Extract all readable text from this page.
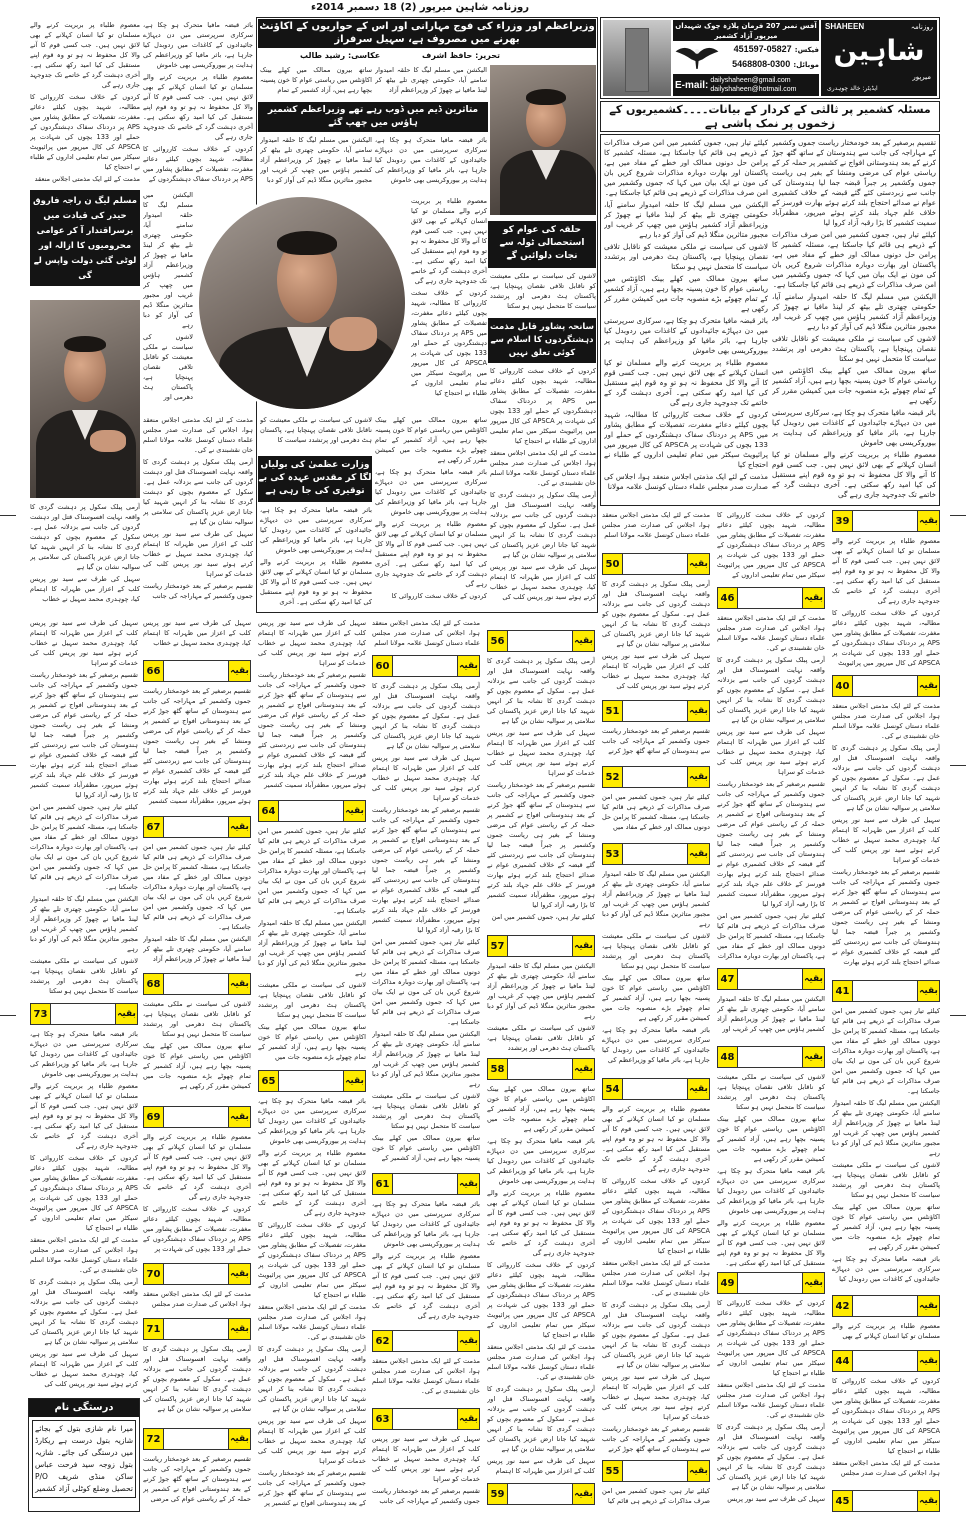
روزنامہ شاہین میرپور (2) 18 دسمبر 2014ء
آفس نمبر 207 فرمان پلازہ چوک شہیداں میرپور آزاد کشمیر
فیکس: 05827-451597
موبائل: 0300-5468808
E-mail: dailyshaheen@gmail.com
dailyshaheen@hotmail.com
SHAHEEN	روزنامہ
شاہین
میرپور
ایڈیٹر: خالد چوہدری
مسئلہ کشمیر پر ثالثی کے کردار کے بیانات۔۔۔۔کشمیریوں کے زخموں پر نمک پاشی ہے

تقسیم برصغیر کے بعد خودمختار ریاست جموں وکشمیر کے مہاراجہ کی جانب سے ہندوستان کے ساتھ گٹھ جوڑ کرنے کے بعد ہندوستانی افواج نے کشمیر پر حملہ کر کے ریاستی عوام کی مرضی ومنشا کے بغیر ہی ریاست جموں وکشمیر پر جبراً قبضہ جما لیا ہندوستان کی جانب سے زبردستی کئے گئے قبضہ کے خلاف کشمیری عوام نے صدائے احتجاج بلند کرتے ہوئے بھارت فورسز کے خلاف علم جہاد بلند کرتے ہوئے میرپور، مظفرآباد سمیت کشمیر کا بڑا رقبہ آزاد کروا لیا

کیلئے تیار ہیں، جموں کشمیر میں امن صرف مذاکرات کے ذریعے ہی قائم کیا جاسکتا ہے، مسئلہ کشمیر کا پرامن حل دونوں ممالک اور خطے کے مفاد میں ہے، پاکستان اور بھارت دوبارہ مذاکرات شروع کریں بان کی مون نے ایک بیان میں کہا کہ جموں وکشمیر میں امن صرف مذاکرات کے ذریعے ہی قائم کیا جاسکتا ہے۔

الیکشن میں مسلم لیگ کا حلقہ امیدوار سامنے آیا، حکومتی چھتری تلے بیٹھ کر لینڈ مافیا نے چھوڑ کر وزیراعظم آزاد کشمیر ہاؤس میں چھپ کر غریب اور مجبور متاثرین منگلا ڈیم کی آواز کو دبا رہے

لاشوں کی سیاست نے ملکی معیشت کو ناقابل تلافی نقصان پہنچایا ہے، پاکستان ہٹ دھرمی اور پرتشدد سیاست کا متحمل نہیں ہو سکتا

ساتھ بیرون ممالک میں کھلے بینک اکاؤنٹس میں ریاستی عوام کا خون پسینہ بچھا رہے ہیں، آزاد کشمیر کے تمام چھوٹے بڑے منصوبہ جات میں کمیشن مقرر کر رکھی ہے

باثر قبضہ مافیا متحرک ہو چکا ہے، سرکاری سرپرستی میں دن دیہاڑے جائیدادوں کے کاغذات میں ردوبدل کیا جارہا ہے، باثر مافیا کو وزیراعظم کی ہدایت پر بیوروکریسی بھی خاموش

معصوم طلباء پر بربریت کرنے والے مسلمان تو کیا انسان کہلانے کے بھی لائق نہیں ہیں۔ جب کسی قوم کا آنے والا کل محفوظ نہ ہو تو وہ قوم اپنے مستقبل کی کیا امید رکھ سکتی ہے۔ آخری دہشت گرد کے خاتمے تک جدوجہد جاری رہے گی

کیلئے تیار ہیں، جموں کشمیر میں امن صرف مذاکرات کے ذریعے ہی قائم کیا جاسکتا ہے، مسئلہ کشمیر کا پرامن حل دونوں ممالک اور خطے کے مفاد میں ہے، پاکستان اور بھارت دوبارہ مذاکرات شروع کریں بان کی مون نے ایک بیان میں کہا کہ جموں وکشمیر میں امن صرف مذاکرات کے ذریعے ہی قائم کیا جاسکتا ہے۔

الیکشن میں مسلم لیگ کا حلقہ امیدوار سامنے آیا، حکومتی چھتری تلے بیٹھ کر لینڈ مافیا نے چھوڑ کر وزیراعظم آزاد کشمیر ہاؤس میں چھپ کر غریب اور مجبور متاثرین منگلا ڈیم کی آواز کو دبا رہے

لاشوں کی سیاست نے ملکی معیشت کو ناقابل تلافی نقصان پہنچایا ہے، پاکستان ہٹ دھرمی اور پرتشدد سیاست کا متحمل نہیں ہو سکتا

ساتھ بیرون ممالک میں کھلے بینک اکاؤنٹس میں ریاستی عوام کا خون پسینہ بچھا رہے ہیں، آزاد کشمیر کے تمام چھوٹے بڑے منصوبہ جات میں کمیشن مقرر کر رکھی ہے

باثر قبضہ مافیا متحرک ہو چکا ہے، سرکاری سرپرستی میں دن دیہاڑے جائیدادوں کے کاغذات میں ردوبدل کیا جارہا ہے، باثر مافیا کو وزیراعظم کی ہدایت پر بیوروکریسی بھی خاموش

معصوم طلباء پر بربریت کرنے والے مسلمان تو کیا انسان کہلانے کے بھی لائق نہیں ہیں۔ جب کسی قوم کا آنے والا کل محفوظ نہ ہو تو وہ قوم اپنے مستقبل کی کیا امید رکھ سکتی ہے۔ آخری دہشت گرد کے خاتمے تک جدوجہد جاری رہے گی

کردوں کے خلاف سخت کارروائی کا مطالبہ، شہید بچوں کیلئے دعائے مغفرت، تفصیلات کے مطابق پشاور میں APS پر دردناک سفاک دہشتگردوں کے حملے اور 133 بچوں کی شہادت پر APSCA کی کال میرپور میں پرائیویٹ سیکٹر میں تمام تعلیمی اداروں کے طلباء نے احتجاج کیا

مذمت کے لئے ایک مذمتی اجلاس منعقد ہوا، اجلاس کی صدارت صدر مجلس علماء دستاں کونسل علامہ مولانا

وزیراعظم اور وزراء کی فوج مہارانی اور اس کے حواریوں کے اکاؤنٹ بھرنے میں مصروف ہے، سہیل سرفراز
تحریر: حافظ اشرف
عکاسی: رشید طالب

الیکشن میں مسلم لیگ کا حلقہ امیدوار سامنے آیا، حکومتی چھتری تلے بیٹھ کر لینڈ مافیا نے چھوڑ کر وزیراعظم آزاد

ساتھ بیرون ممالک میں کھلے بینک اکاؤنٹس میں ریاستی عوام کا خون پسینہ بچھا رہے ہیں، آزاد کشمیر کے تمام

متاثرین ڈیم میں ڈوب رہے تھے وزیراعظم کشمیر ہاؤس میں چھپ گئے

باثر قبضہ مافیا متحرک ہو چکا ہے، سرکاری سرپرستی میں دن دیہاڑے جائیدادوں کے کاغذات میں ردوبدل کیا جارہا ہے، باثر مافیا کو وزیراعظم کی ہدایت پر بیوروکریسی بھی خاموش

معصوم طلباء پر بربریت کرنے والے مسلمان تو کیا انسان کہلانے کے بھی لائق نہیں ہیں۔ جب کسی قوم کا آنے والا کل محفوظ نہ ہو تو وہ قوم اپنے مستقبل کی کیا امید رکھ سکتی ہے۔ آخری دہشت گرد کے خاتمے تک جدوجہد جاری رہے گی

کردوں کے خلاف سخت کارروائی کا مطالبہ، شہید بچوں کیلئے دعائے مغفرت، تفصیلات کے مطابق پشاور میں APS پر دردناک سفاک دہشتگردوں کے حملے اور 133 بچوں کی شہادت پر APSCA کی کال میرپور میں پرائیویٹ سیکٹر میں تمام تعلیمی اداروں کے طلباء نے احتجاج کیا

ساتھ بیرون ممالک میں کھلے بینک اکاؤنٹس میں ریاستی عوام کا خون پسینہ بچھا رہے ہیں، آزاد کشمیر کے تمام چھوٹے بڑے منصوبہ جات میں کمیشن مقرر کر رکھی ہے

باثر قبضہ مافیا متحرک ہو چکا ہے، سرکاری سرپرستی میں دن دیہاڑے جائیدادوں کے کاغذات میں ردوبدل کیا جارہا ہے، باثر مافیا کو وزیراعظم کی ہدایت پر بیوروکریسی بھی خاموش

معصوم طلباء پر بربریت کرنے والے مسلمان تو کیا انسان کہلانے کے بھی لائق نہیں ہیں۔ جب کسی قوم کا آنے والا کل محفوظ نہ ہو تو وہ قوم اپنے مستقبل کی کیا امید رکھ سکتی ہے۔ آخری دہشت گرد کے خاتمے تک جدوجہد جاری رہے گی

کردوں کے خلاف سخت کارروائی کا

الیکشن میں مسلم لیگ کا حلقہ امیدوار سامنے آیا، حکومتی چھتری تلے بیٹھ کر لینڈ مافیا نے چھوڑ کر وزیراعظم آزاد کشمیر ہاؤس میں چھپ کر غریب اور مجبور متاثرین منگلا ڈیم کی آواز کو دبا

لاشوں کی سیاست نے ملکی معیشت کو ناقابل تلافی نقصان پہنچایا ہے، پاکستان ہٹ دھرمی اور پرتشدد سیاست کا

وزارت عظمیٰ کی بولیاں لگا کر مقدس عہدہ کی بے توقیری کی جا رہی ہے

باثر قبضہ مافیا متحرک ہو چکا ہے، سرکاری سرپرستی میں دن دیہاڑے جائیدادوں کے کاغذات میں ردوبدل کیا جارہا ہے، باثر مافیا کو وزیراعظم کی ہدایت پر بیوروکریسی بھی خاموش

معصوم طلباء پر بربریت کرنے والے مسلمان تو کیا انسان کہلانے کے بھی لائق نہیں ہیں۔ جب کسی قوم کا آنے والا کل محفوظ نہ ہو تو وہ قوم اپنے مستقبل کی کیا امید رکھ سکتی ہے۔ آخری

حلقہ کی عوام کو استحصالی ٹولہ سے نجات دلوائیں گے

لاشوں کی سیاست نے ملکی معیشت کو ناقابل تلافی نقصان پہنچایا ہے، پاکستان ہٹ دھرمی اور پرتشدد سیاست کا متحمل نہیں ہو سکتا

سانحہ پشاور قابل مذمت دہشتگردوں کا اسلام سے کوئی تعلق نہیں

کردوں کے خلاف سخت کارروائی کا مطالبہ، شہید بچوں کیلئے دعائے مغفرت، تفصیلات کے مطابق پشاور میں APS پر دردناک سفاک دہشتگردوں کے حملے اور 133 بچوں کی شہادت پر APSCA کی کال میرپور میں پرائیویٹ سیکٹر میں تمام تعلیمی اداروں کے طلباء نے احتجاج کیا

مذمت کے لئے ایک مذمتی اجلاس منعقد ہوا، اجلاس کی صدارت صدر مجلس علماء دستاں کونسل علامہ مولانا اسلم خان نقشبندی نے کی۔

آرمی پبلک سکول پر دہشت گردی کا واقعہ نہایت افسوسناک قتل اور دہشت گردوں کی جانب سے بزدلانہ عمل ہے۔ سکول کے معصوم بچوں کو دہشت گردی کا نشانہ بنا کر انہیں شہید کیا جانا ارض عزیز پاکستان کی سلامتی پر سوالیہ نشان بن گیا ہے

سہیل کی طرف سے سید نور پریس کلب کے اعزاز میں ظہرانہ کا اہتمام کیا، چوہدری محمد سہیل نے خطاب کرتے ہوئے سید نور پریس کلب کی

باثر قبضہ مافیا متحرک ہو چکا ہے، سرکاری سرپرستی میں دن دیہاڑے جائیدادوں کے کاغذات میں ردوبدل کیا جارہا ہے، باثر مافیا کو وزیراعظم کی ہدایت پر بیوروکریسی بھی خاموش

معصوم طلباء پر بربریت کرنے والے مسلمان تو کیا انسان کہلانے کے بھی لائق نہیں ہیں۔ جب کسی قوم کا آنے والا کل محفوظ نہ ہو تو وہ قوم اپنے مستقبل کی کیا امید رکھ سکتی ہے۔ آخری دہشت گرد کے خاتمے تک جدوجہد جاری رہے گی

کردوں کے خلاف سخت کارروائی کا مطالبہ، شہید بچوں کیلئے دعائے مغفرت، تفصیلات کے مطابق پشاور میں APS پر دردناک سفاک دہشتگردوں کے

معصوم طلباء پر بربریت کرنے والے مسلمان تو کیا انسان کہلانے کے بھی لائق نہیں ہیں۔ جب کسی قوم کا آنے والا کل محفوظ نہ ہو تو وہ قوم اپنے مستقبل کی کیا امید رکھ سکتی ہے۔ آخری دہشت گرد کے خاتمے تک جدوجہد جاری رہے گی

کردوں کے خلاف سخت کارروائی کا مطالبہ، شہید بچوں کیلئے دعائے مغفرت، تفصیلات کے مطابق پشاور میں APS پر دردناک سفاک دہشتگردوں کے حملے اور 133 بچوں کی شہادت پر APSCA کی کال میرپور میں پرائیویٹ سیکٹر میں تمام تعلیمی اداروں کے طلباء نے احتجاج کیا

مذمت کے لئے ایک مذمتی اجلاس منعقد

مسلم لیگ ن راجہ فاروق حیدر کی قیادت میں برسراقتدار آ کر عوامی محرومیوں کا ازالہ اور لوٹی گئی دولت واپس لے گی

الیکشن میں مسلم لیگ کا حلقہ امیدوار سامنے آیا، حکومتی چھتری تلے بیٹھ کر لینڈ مافیا نے چھوڑ کر وزیراعظم آزاد کشمیر ہاؤس میں چھپ کر غریب اور مجبور متاثرین منگلا ڈیم کی آواز کو دبا رہے

لاشوں کی سیاست نے ملکی معیشت کو ناقابل تلافی نقصان پہنچایا ہے، پاکستان ہٹ دھرمی اور

مذمت کے لئے ایک مذمتی اجلاس منعقد ہوا، اجلاس کی صدارت صدر مجلس علماء دستاں کونسل علامہ مولانا اسلم خان نقشبندی نے کی۔

آرمی پبلک سکول پر دہشت گردی کا واقعہ نہایت افسوسناک قتل اور دہشت گردوں کی جانب سے بزدلانہ عمل ہے۔ سکول کے معصوم بچوں کو دہشت گردی کا نشانہ بنا کر انہیں شہید کیا جانا ارض عزیز پاکستان کی سلامتی پر سوالیہ نشان بن گیا ہے

سہیل کی طرف سے سید نور پریس کلب کے اعزاز میں ظہرانہ کا اہتمام کیا، چوہدری محمد سہیل نے خطاب کرتے ہوئے سید نور پریس کلب کی خدمات کو سراہا

تقسیم برصغیر کے بعد خودمختار ریاست جموں وکشمیر کے مہاراجہ کی جانب

آرمی پبلک سکول پر دہشت گردی کا واقعہ نہایت افسوسناک قتل اور دہشت گردوں کی جانب سے بزدلانہ عمل ہے۔ سکول کے معصوم بچوں کو دہشت گردی کا نشانہ بنا کر انہیں شہید کیا جانا ارض عزیز پاکستان کی سلامتی پر سوالیہ نشان بن گیا ہے

سہیل کی طرف سے سید نور پریس کلب کے اعزاز میں ظہرانہ کا اہتمام کیا، چوہدری محمد سہیل نے خطاب

39	بقیہ

معصوم طلباء پر بربریت کرنے والے مسلمان تو کیا انسان کہلانے کے بھی لائق نہیں ہیں۔ جب کسی قوم کا آنے والا کل محفوظ نہ ہو تو وہ قوم اپنے مستقبل کی کیا امید رکھ سکتی ہے۔ آخری دہشت گرد کے خاتمے تک جدوجہد جاری رہے گی

کردوں کے خلاف سخت کارروائی کا مطالبہ، شہید بچوں کیلئے دعائے مغفرت، تفصیلات کے مطابق پشاور میں APS پر دردناک سفاک دہشتگردوں کے حملے اور 133 بچوں کی شہادت پر APSCA کی کال میرپور میں پرائیویٹ

40	بقیہ

مذمت کے لئے ایک مذمتی اجلاس منعقد ہوا، اجلاس کی صدارت صدر مجلس علماء دستاں کونسل علامہ مولانا اسلم خان نقشبندی نے کی۔

آرمی پبلک سکول پر دہشت گردی کا واقعہ نہایت افسوسناک قتل اور دہشت گردوں کی جانب سے بزدلانہ عمل ہے۔ سکول کے معصوم بچوں کو دہشت گردی کا نشانہ بنا کر انہیں شہید کیا جانا ارض عزیز پاکستان کی سلامتی پر سوالیہ نشان بن گیا ہے

سہیل کی طرف سے سید نور پریس کلب کے اعزاز میں ظہرانہ کا اہتمام کیا، چوہدری محمد سہیل نے خطاب کرتے ہوئے سید نور پریس کلب کی خدمات کو سراہا

تقسیم برصغیر کے بعد خودمختار ریاست جموں وکشمیر کے مہاراجہ کی جانب سے ہندوستان کے ساتھ گٹھ جوڑ کرنے کے بعد ہندوستانی افواج نے کشمیر پر حملہ کر کے ریاستی عوام کی مرضی ومنشا کے بغیر ہی ریاست جموں وکشمیر پر جبراً قبضہ جما لیا ہندوستان کی جانب سے زبردستی کئے گئے قبضہ کے خلاف کشمیری عوام نے صدائے احتجاج بلند کرتے ہوئے بھارت

41	بقیہ

کیلئے تیار ہیں، جموں کشمیر میں امن صرف مذاکرات کے ذریعے ہی قائم کیا جاسکتا ہے، مسئلہ کشمیر کا پرامن حل دونوں ممالک اور خطے کے مفاد میں ہے، پاکستان اور بھارت دوبارہ مذاکرات شروع کریں بان کی مون نے ایک بیان میں کہا کہ جموں وکشمیر میں امن صرف مذاکرات کے ذریعے ہی قائم کیا جاسکتا ہے۔

الیکشن میں مسلم لیگ کا حلقہ امیدوار سامنے آیا، حکومتی چھتری تلے بیٹھ کر لینڈ مافیا نے چھوڑ کر وزیراعظم آزاد کشمیر ہاؤس میں چھپ کر غریب اور مجبور متاثرین منگلا ڈیم کی آواز کو دبا رہے

لاشوں کی سیاست نے ملکی معیشت کو ناقابل تلافی نقصان پہنچایا ہے، پاکستان ہٹ دھرمی اور پرتشدد سیاست کا متحمل نہیں ہو سکتا

ساتھ بیرون ممالک میں کھلے بینک اکاؤنٹس میں ریاستی عوام کا خون پسینہ بچھا رہے ہیں، آزاد کشمیر کے تمام چھوٹے بڑے منصوبہ جات میں کمیشن مقرر کر رکھی ہے

باثر قبضہ مافیا متحرک ہو چکا ہے، سرکاری سرپرستی میں دن دیہاڑے جائیدادوں کے کاغذات میں ردوبدل کیا

42	بقیہ

معصوم طلباء پر بربریت کرنے والے مسلمان تو کیا انسان کہلانے کے بھی

44	بقیہ

کردوں کے خلاف سخت کارروائی کا مطالبہ، شہید بچوں کیلئے دعائے مغفرت، تفصیلات کے مطابق پشاور میں APS پر دردناک سفاک دہشتگردوں کے حملے اور 133 بچوں کی شہادت پر APSCA کی کال میرپور میں پرائیویٹ سیکٹر میں تمام تعلیمی اداروں کے طلباء نے احتجاج کیا

مذمت کے لئے ایک مذمتی اجلاس منعقد ہوا، اجلاس کی صدارت صدر مجلس

45	بقیہ

کردوں کے خلاف سخت کارروائی کا مطالبہ، شہید بچوں کیلئے دعائے مغفرت، تفصیلات کے مطابق پشاور میں APS پر دردناک سفاک دہشتگردوں کے حملے اور 133 بچوں کی شہادت پر APSCA کی کال میرپور میں پرائیویٹ سیکٹر میں تمام تعلیمی اداروں کے

46	بقیہ

مذمت کے لئے ایک مذمتی اجلاس منعقد ہوا، اجلاس کی صدارت صدر مجلس علماء دستاں کونسل علامہ مولانا اسلم خان نقشبندی نے کی۔

آرمی پبلک سکول پر دہشت گردی کا واقعہ نہایت افسوسناک قتل اور دہشت گردوں کی جانب سے بزدلانہ عمل ہے۔ سکول کے معصوم بچوں کو دہشت گردی کا نشانہ بنا کر انہیں شہید کیا جانا ارض عزیز پاکستان کی سلامتی پر سوالیہ نشان بن گیا ہے

سہیل کی طرف سے سید نور پریس کلب کے اعزاز میں ظہرانہ کا اہتمام کیا، چوہدری محمد سہیل نے خطاب کرتے ہوئے سید نور پریس کلب کی خدمات کو سراہا

تقسیم برصغیر کے بعد خودمختار ریاست جموں وکشمیر کے مہاراجہ کی جانب سے ہندوستان کے ساتھ گٹھ جوڑ کرنے کے بعد ہندوستانی افواج نے کشمیر پر حملہ کر کے ریاستی عوام کی مرضی ومنشا کے بغیر ہی ریاست جموں وکشمیر پر جبراً قبضہ جما لیا ہندوستان کی جانب سے زبردستی کئے گئے قبضہ کے خلاف کشمیری عوام نے صدائے احتجاج بلند کرتے ہوئے بھارت فورسز کے خلاف علم جہاد بلند کرتے ہوئے میرپور، مظفرآباد سمیت کشمیر کا بڑا رقبہ آزاد کروا لیا

کیلئے تیار ہیں، جموں کشمیر میں امن صرف مذاکرات کے ذریعے ہی قائم کیا جاسکتا ہے، مسئلہ کشمیر کا پرامن حل دونوں ممالک اور خطے کے مفاد میں ہے، پاکستان اور بھارت دوبارہ مذاکرات

47	بقیہ

الیکشن میں مسلم لیگ کا حلقہ امیدوار سامنے آیا، حکومتی چھتری تلے بیٹھ کر لینڈ مافیا نے چھوڑ کر وزیراعظم آزاد کشمیر ہاؤس میں چھپ کر غریب اور

48	بقیہ

لاشوں کی سیاست نے ملکی معیشت کو ناقابل تلافی نقصان پہنچایا ہے، پاکستان ہٹ دھرمی اور پرتشدد سیاست کا متحمل نہیں ہو سکتا

ساتھ بیرون ممالک میں کھلے بینک اکاؤنٹس میں ریاستی عوام کا خون پسینہ بچھا رہے ہیں، آزاد کشمیر کے تمام چھوٹے بڑے منصوبہ جات میں کمیشن مقرر کر رکھی ہے

باثر قبضہ مافیا متحرک ہو چکا ہے، سرکاری سرپرستی میں دن دیہاڑے جائیدادوں کے کاغذات میں ردوبدل کیا جارہا ہے، باثر مافیا کو وزیراعظم کی ہدایت پر بیوروکریسی بھی خاموش

معصوم طلباء پر بربریت کرنے والے مسلمان تو کیا انسان کہلانے کے بھی لائق نہیں ہیں۔ جب کسی قوم کا آنے والا کل محفوظ نہ ہو تو وہ قوم اپنے مستقبل کی کیا امید رکھ سکتی ہے۔

49	بقیہ

کردوں کے خلاف سخت کارروائی کا مطالبہ، شہید بچوں کیلئے دعائے مغفرت، تفصیلات کے مطابق پشاور میں APS پر دردناک سفاک دہشتگردوں کے حملے اور 133 بچوں کی شہادت پر APSCA کی کال میرپور میں پرائیویٹ سیکٹر میں تمام تعلیمی اداروں کے طلباء نے احتجاج کیا

مذمت کے لئے ایک مذمتی اجلاس منعقد ہوا، اجلاس کی صدارت صدر مجلس علماء دستاں کونسل علامہ مولانا اسلم خان نقشبندی نے کی۔

آرمی پبلک سکول پر دہشت گردی کا واقعہ نہایت افسوسناک قتل اور دہشت گردوں کی جانب سے بزدلانہ عمل ہے۔ سکول کے معصوم بچوں کو دہشت گردی کا نشانہ بنا کر انہیں شہید کیا جانا ارض عزیز پاکستان کی سلامتی پر سوالیہ نشان بن گیا ہے

سہیل کی طرف سے سید نور پریس

مذمت کے لئے ایک مذمتی اجلاس منعقد ہوا، اجلاس کی صدارت صدر مجلس علماء دستاں کونسل علامہ مولانا اسلم

50	بقیہ

آرمی پبلک سکول پر دہشت گردی کا واقعہ نہایت افسوسناک قتل اور دہشت گردوں کی جانب سے بزدلانہ عمل ہے۔ سکول کے معصوم بچوں کو دہشت گردی کا نشانہ بنا کر انہیں شہید کیا جانا ارض عزیز پاکستان کی سلامتی پر سوالیہ نشان بن گیا ہے

سہیل کی طرف سے سید نور پریس کلب کے اعزاز میں ظہرانہ کا اہتمام کیا، چوہدری محمد سہیل نے خطاب کرتے ہوئے سید نور پریس کلب کی

51	بقیہ

تقسیم برصغیر کے بعد خودمختار ریاست جموں وکشمیر کے مہاراجہ کی جانب سے ہندوستان کے ساتھ گٹھ جوڑ کرنے

52	بقیہ

کیلئے تیار ہیں، جموں کشمیر میں امن صرف مذاکرات کے ذریعے ہی قائم کیا جاسکتا ہے، مسئلہ کشمیر کا پرامن حل دونوں ممالک اور خطے کے مفاد میں

53	بقیہ

الیکشن میں مسلم لیگ کا حلقہ امیدوار سامنے آیا، حکومتی چھتری تلے بیٹھ کر لینڈ مافیا نے چھوڑ کر وزیراعظم آزاد کشمیر ہاؤس میں چھپ کر غریب اور مجبور متاثرین منگلا ڈیم کی آواز کو دبا رہے

لاشوں کی سیاست نے ملکی معیشت کو ناقابل تلافی نقصان پہنچایا ہے، پاکستان ہٹ دھرمی اور پرتشدد سیاست کا متحمل نہیں ہو سکتا

ساتھ بیرون ممالک میں کھلے بینک اکاؤنٹس میں ریاستی عوام کا خون پسینہ بچھا رہے ہیں، آزاد کشمیر کے تمام چھوٹے بڑے منصوبہ جات میں کمیشن مقرر کر رکھی ہے

باثر قبضہ مافیا متحرک ہو چکا ہے، سرکاری سرپرستی میں دن دیہاڑے جائیدادوں کے کاغذات میں ردوبدل کیا جارہا ہے، باثر مافیا کو وزیراعظم کی

54	بقیہ

معصوم طلباء پر بربریت کرنے والے مسلمان تو کیا انسان کہلانے کے بھی لائق نہیں ہیں۔ جب کسی قوم کا آنے والا کل محفوظ نہ ہو تو وہ قوم اپنے مستقبل کی کیا امید رکھ سکتی ہے۔ آخری دہشت گرد کے خاتمے تک جدوجہد جاری رہے گی

کردوں کے خلاف سخت کارروائی کا مطالبہ، شہید بچوں کیلئے دعائے مغفرت، تفصیلات کے مطابق پشاور میں APS پر دردناک سفاک دہشتگردوں کے حملے اور 133 بچوں کی شہادت پر APSCA کی کال میرپور میں پرائیویٹ سیکٹر میں تمام تعلیمی اداروں کے طلباء نے احتجاج کیا

مذمت کے لئے ایک مذمتی اجلاس منعقد ہوا، اجلاس کی صدارت صدر مجلس علماء دستاں کونسل علامہ مولانا اسلم خان نقشبندی نے کی۔

آرمی پبلک سکول پر دہشت گردی کا واقعہ نہایت افسوسناک قتل اور دہشت گردوں کی جانب سے بزدلانہ عمل ہے۔ سکول کے معصوم بچوں کو دہشت گردی کا نشانہ بنا کر انہیں شہید کیا جانا ارض عزیز پاکستان کی سلامتی پر سوالیہ نشان بن گیا ہے

سہیل کی طرف سے سید نور پریس کلب کے اعزاز میں ظہرانہ کا اہتمام کیا، چوہدری محمد سہیل نے خطاب کرتے ہوئے سید نور پریس کلب کی خدمات کو سراہا

تقسیم برصغیر کے بعد خودمختار ریاست جموں وکشمیر کے مہاراجہ کی جانب سے ہندوستان کے ساتھ گٹھ جوڑ کرنے

55	بقیہ

کیلئے تیار ہیں، جموں کشمیر میں امن صرف مذاکرات کے ذریعے ہی قائم کیا

56	بقیہ

آرمی پبلک سکول پر دہشت گردی کا واقعہ نہایت افسوسناک قتل اور دہشت گردوں کی جانب سے بزدلانہ عمل ہے۔ سکول کے معصوم بچوں کو دہشت گردی کا نشانہ بنا کر انہیں شہید کیا جانا ارض عزیز پاکستان کی سلامتی پر سوالیہ نشان بن گیا ہے

سہیل کی طرف سے سید نور پریس کلب کے اعزاز میں ظہرانہ کا اہتمام کیا، چوہدری محمد سہیل نے خطاب کرتے ہوئے سید نور پریس کلب کی خدمات کو سراہا

تقسیم برصغیر کے بعد خودمختار ریاست جموں وکشمیر کے مہاراجہ کی جانب سے ہندوستان کے ساتھ گٹھ جوڑ کرنے کے بعد ہندوستانی افواج نے کشمیر پر حملہ کر کے ریاستی عوام کی مرضی ومنشا کے بغیر ہی ریاست جموں وکشمیر پر جبراً قبضہ جما لیا ہندوستان کی جانب سے زبردستی کئے گئے قبضہ کے خلاف کشمیری عوام نے صدائے احتجاج بلند کرتے ہوئے بھارت فورسز کے خلاف علم جہاد بلند کرتے ہوئے میرپور، مظفرآباد سمیت کشمیر کا بڑا رقبہ آزاد کروا لیا

کیلئے تیار ہیں، جموں کشمیر میں امن

57	بقیہ

الیکشن میں مسلم لیگ کا حلقہ امیدوار سامنے آیا، حکومتی چھتری تلے بیٹھ کر لینڈ مافیا نے چھوڑ کر وزیراعظم آزاد کشمیر ہاؤس میں چھپ کر غریب اور مجبور متاثرین منگلا ڈیم کی آواز کو دبا رہے

لاشوں کی سیاست نے ملکی معیشت کو ناقابل تلافی نقصان پہنچایا ہے، پاکستان ہٹ دھرمی اور پرتشدد

58	بقیہ

ساتھ بیرون ممالک میں کھلے بینک اکاؤنٹس میں ریاستی عوام کا خون پسینہ بچھا رہے ہیں، آزاد کشمیر کے تمام چھوٹے بڑے منصوبہ جات میں کمیشن مقرر کر رکھی ہے

باثر قبضہ مافیا متحرک ہو چکا ہے، سرکاری سرپرستی میں دن دیہاڑے جائیدادوں کے کاغذات میں ردوبدل کیا جارہا ہے، باثر مافیا کو وزیراعظم کی ہدایت پر بیوروکریسی بھی خاموش

معصوم طلباء پر بربریت کرنے والے مسلمان تو کیا انسان کہلانے کے بھی لائق نہیں ہیں۔ جب کسی قوم کا آنے والا کل محفوظ نہ ہو تو وہ قوم اپنے مستقبل کی کیا امید رکھ سکتی ہے۔ آخری دہشت گرد کے خاتمے تک جدوجہد جاری رہے گی

کردوں کے خلاف سخت کارروائی کا مطالبہ، شہید بچوں کیلئے دعائے مغفرت، تفصیلات کے مطابق پشاور میں APS پر دردناک سفاک دہشتگردوں کے حملے اور 133 بچوں کی شہادت پر APSCA کی کال میرپور میں پرائیویٹ سیکٹر میں تمام تعلیمی اداروں کے طلباء نے احتجاج کیا

مذمت کے لئے ایک مذمتی اجلاس منعقد ہوا، اجلاس کی صدارت صدر مجلس علماء دستاں کونسل علامہ مولانا اسلم خان نقشبندی نے کی۔

آرمی پبلک سکول پر دہشت گردی کا واقعہ نہایت افسوسناک قتل اور دہشت گردوں کی جانب سے بزدلانہ عمل ہے۔ سکول کے معصوم بچوں کو دہشت گردی کا نشانہ بنا کر انہیں شہید کیا جانا ارض عزیز پاکستان کی سلامتی پر سوالیہ نشان بن گیا ہے

سہیل کی طرف سے سید نور پریس کلب کے اعزاز میں ظہرانہ کا اہتمام

59	بقیہ

مذمت کے لئے ایک مذمتی اجلاس منعقد ہوا، اجلاس کی صدارت صدر مجلس علماء دستاں کونسل علامہ مولانا اسلم

60	بقیہ

آرمی پبلک سکول پر دہشت گردی کا واقعہ نہایت افسوسناک قتل اور دہشت گردوں کی جانب سے بزدلانہ عمل ہے۔ سکول کے معصوم بچوں کو دہشت گردی کا نشانہ بنا کر انہیں شہید کیا جانا ارض عزیز پاکستان کی سلامتی پر سوالیہ نشان بن گیا ہے

سہیل کی طرف سے سید نور پریس کلب کے اعزاز میں ظہرانہ کا اہتمام کیا، چوہدری محمد سہیل نے خطاب کرتے ہوئے سید نور پریس کلب کی خدمات کو سراہا

تقسیم برصغیر کے بعد خودمختار ریاست جموں وکشمیر کے مہاراجہ کی جانب سے ہندوستان کے ساتھ گٹھ جوڑ کرنے کے بعد ہندوستانی افواج نے کشمیر پر حملہ کر کے ریاستی عوام کی مرضی ومنشا کے بغیر ہی ریاست جموں وکشمیر پر جبراً قبضہ جما لیا ہندوستان کی جانب سے زبردستی کئے گئے قبضہ کے خلاف کشمیری عوام نے صدائے احتجاج بلند کرتے ہوئے بھارت فورسز کے خلاف علم جہاد بلند کرتے ہوئے میرپور، مظفرآباد سمیت کشمیر کا بڑا رقبہ آزاد کروا لیا

کیلئے تیار ہیں، جموں کشمیر میں امن صرف مذاکرات کے ذریعے ہی قائم کیا جاسکتا ہے، مسئلہ کشمیر کا پرامن حل دونوں ممالک اور خطے کے مفاد میں ہے، پاکستان اور بھارت دوبارہ مذاکرات شروع کریں بان کی مون نے ایک بیان میں کہا کہ جموں وکشمیر میں امن صرف مذاکرات کے ذریعے ہی قائم کیا جاسکتا ہے۔

الیکشن میں مسلم لیگ کا حلقہ امیدوار سامنے آیا، حکومتی چھتری تلے بیٹھ کر لینڈ مافیا نے چھوڑ کر وزیراعظم آزاد کشمیر ہاؤس میں چھپ کر غریب اور مجبور متاثرین منگلا ڈیم کی آواز کو دبا رہے

لاشوں کی سیاست نے ملکی معیشت کو ناقابل تلافی نقصان پہنچایا ہے، پاکستان ہٹ دھرمی اور پرتشدد سیاست کا متحمل نہیں ہو سکتا

ساتھ بیرون ممالک میں کھلے بینک اکاؤنٹس میں ریاستی عوام کا خون پسینہ بچھا رہے ہیں، آزاد کشمیر کے

61	بقیہ

باثر قبضہ مافیا متحرک ہو چکا ہے، سرکاری سرپرستی میں دن دیہاڑے جائیدادوں کے کاغذات میں ردوبدل کیا جارہا ہے، باثر مافیا کو وزیراعظم کی ہدایت پر بیوروکریسی بھی خاموش

معصوم طلباء پر بربریت کرنے والے مسلمان تو کیا انسان کہلانے کے بھی لائق نہیں ہیں۔ جب کسی قوم کا آنے والا کل محفوظ نہ ہو تو وہ قوم اپنے مستقبل کی کیا امید رکھ سکتی ہے۔ آخری دہشت گرد کے خاتمے تک جدوجہد جاری رہے گی

62	بقیہ

مذمت کے لئے ایک مذمتی اجلاس منعقد ہوا، اجلاس کی صدارت صدر مجلس علماء دستاں کونسل علامہ مولانا اسلم خان نقشبندی نے کی۔

63	بقیہ

سہیل کی طرف سے سید نور پریس کلب کے اعزاز میں ظہرانہ کا اہتمام کیا، چوہدری محمد سہیل نے خطاب کرتے ہوئے سید نور پریس کلب کی خدمات کو سراہا

تقسیم برصغیر کے بعد خودمختار ریاست جموں وکشمیر کے مہاراجہ کی جانب

سہیل کی طرف سے سید نور پریس کلب کے اعزاز میں ظہرانہ کا اہتمام کیا، چوہدری محمد سہیل نے خطاب کرتے ہوئے سید نور پریس کلب کی خدمات کو سراہا

تقسیم برصغیر کے بعد خودمختار ریاست جموں وکشمیر کے مہاراجہ کی جانب سے ہندوستان کے ساتھ گٹھ جوڑ کرنے کے بعد ہندوستانی افواج نے کشمیر پر حملہ کر کے ریاستی عوام کی مرضی ومنشا کے بغیر ہی ریاست جموں وکشمیر پر جبراً قبضہ جما لیا ہندوستان کی جانب سے زبردستی کئے گئے قبضہ کے خلاف کشمیری عوام نے صدائے احتجاج بلند کرتے ہوئے بھارت فورسز کے خلاف علم جہاد بلند کرتے ہوئے میرپور، مظفرآباد سمیت کشمیر

64	بقیہ

کیلئے تیار ہیں، جموں کشمیر میں امن صرف مذاکرات کے ذریعے ہی قائم کیا جاسکتا ہے، مسئلہ کشمیر کا پرامن حل دونوں ممالک اور خطے کے مفاد میں ہے، پاکستان اور بھارت دوبارہ مذاکرات شروع کریں بان کی مون نے ایک بیان میں کہا کہ جموں وکشمیر میں امن صرف مذاکرات کے ذریعے ہی قائم کیا جاسکتا ہے۔

الیکشن میں مسلم لیگ کا حلقہ امیدوار سامنے آیا، حکومتی چھتری تلے بیٹھ کر لینڈ مافیا نے چھوڑ کر وزیراعظم آزاد کشمیر ہاؤس میں چھپ کر غریب اور مجبور متاثرین منگلا ڈیم کی آواز کو دبا رہے

لاشوں کی سیاست نے ملکی معیشت کو ناقابل تلافی نقصان پہنچایا ہے، پاکستان ہٹ دھرمی اور پرتشدد سیاست کا متحمل نہیں ہو سکتا

ساتھ بیرون ممالک میں کھلے بینک اکاؤنٹس میں ریاستی عوام کا خون پسینہ بچھا رہے ہیں، آزاد کشمیر کے تمام چھوٹے بڑے منصوبہ جات میں

65	بقیہ

باثر قبضہ مافیا متحرک ہو چکا ہے، سرکاری سرپرستی میں دن دیہاڑے جائیدادوں کے کاغذات میں ردوبدل کیا جارہا ہے، باثر مافیا کو وزیراعظم کی ہدایت پر بیوروکریسی بھی خاموش

معصوم طلباء پر بربریت کرنے والے مسلمان تو کیا انسان کہلانے کے بھی لائق نہیں ہیں۔ جب کسی قوم کا آنے والا کل محفوظ نہ ہو تو وہ قوم اپنے مستقبل کی کیا امید رکھ سکتی ہے۔ آخری دہشت گرد کے خاتمے تک جدوجہد جاری رہے گی

کردوں کے خلاف سخت کارروائی کا مطالبہ، شہید بچوں کیلئے دعائے مغفرت، تفصیلات کے مطابق پشاور میں APS پر دردناک سفاک دہشتگردوں کے حملے اور 133 بچوں کی شہادت پر APSCA کی کال میرپور میں پرائیویٹ سیکٹر میں تمام تعلیمی اداروں کے طلباء نے احتجاج کیا

مذمت کے لئے ایک مذمتی اجلاس منعقد ہوا، اجلاس کی صدارت صدر مجلس علماء دستاں کونسل علامہ مولانا اسلم خان نقشبندی نے کی۔

آرمی پبلک سکول پر دہشت گردی کا واقعہ نہایت افسوسناک قتل اور دہشت گردوں کی جانب سے بزدلانہ عمل ہے۔ سکول کے معصوم بچوں کو دہشت گردی کا نشانہ بنا کر انہیں شہید کیا جانا ارض عزیز پاکستان کی سلامتی پر سوالیہ نشان بن گیا ہے

سہیل کی طرف سے سید نور پریس کلب کے اعزاز میں ظہرانہ کا اہتمام کیا، چوہدری محمد سہیل نے خطاب کرتے ہوئے سید نور پریس کلب کی خدمات کو سراہا

تقسیم برصغیر کے بعد خودمختار ریاست جموں وکشمیر کے مہاراجہ کی جانب سے ہندوستان کے ساتھ گٹھ جوڑ کرنے کے بعد ہندوستانی افواج نے کشمیر پر

سہیل کی طرف سے سید نور پریس کلب کے اعزاز میں ظہرانہ کا اہتمام کیا، چوہدری محمد سہیل نے خطاب

66	بقیہ

تقسیم برصغیر کے بعد خودمختار ریاست جموں وکشمیر کے مہاراجہ کی جانب سے ہندوستان کے ساتھ گٹھ جوڑ کرنے کے بعد ہندوستانی افواج نے کشمیر پر حملہ کر کے ریاستی عوام کی مرضی ومنشا کے بغیر ہی ریاست جموں وکشمیر پر جبراً قبضہ جما لیا ہندوستان کی جانب سے زبردستی کئے گئے قبضہ کے خلاف کشمیری عوام نے صدائے احتجاج بلند کرتے ہوئے بھارت فورسز کے خلاف علم جہاد بلند کرتے ہوئے میرپور، مظفرآباد سمیت کشمیر

67	بقیہ

کیلئے تیار ہیں، جموں کشمیر میں امن صرف مذاکرات کے ذریعے ہی قائم کیا جاسکتا ہے، مسئلہ کشمیر کا پرامن حل دونوں ممالک اور خطے کے مفاد میں ہے، پاکستان اور بھارت دوبارہ مذاکرات شروع کریں بان کی مون نے ایک بیان میں کہا کہ جموں وکشمیر میں امن صرف مذاکرات کے ذریعے ہی قائم کیا جاسکتا ہے۔

الیکشن میں مسلم لیگ کا حلقہ امیدوار سامنے آیا، حکومتی چھتری تلے بیٹھ کر لینڈ مافیا نے چھوڑ کر وزیراعظم آزاد

68	بقیہ

لاشوں کی سیاست نے ملکی معیشت کو ناقابل تلافی نقصان پہنچایا ہے، پاکستان ہٹ دھرمی اور پرتشدد سیاست کا متحمل نہیں ہو سکتا

ساتھ بیرون ممالک میں کھلے بینک اکاؤنٹس میں ریاستی عوام کا خون پسینہ بچھا رہے ہیں، آزاد کشمیر کے تمام چھوٹے بڑے منصوبہ جات میں کمیشن مقرر کر رکھی ہے

69	بقیہ

معصوم طلباء پر بربریت کرنے والے مسلمان تو کیا انسان کہلانے کے بھی لائق نہیں ہیں۔ جب کسی قوم کا آنے والا کل محفوظ نہ ہو تو وہ قوم اپنے مستقبل کی کیا امید رکھ سکتی ہے۔ آخری دہشت گرد کے خاتمے تک جدوجہد جاری رہے گی

کردوں کے خلاف سخت کارروائی کا مطالبہ، شہید بچوں کیلئے دعائے مغفرت، تفصیلات کے مطابق پشاور میں APS پر دردناک سفاک دہشتگردوں کے حملے اور 133 بچوں کی شہادت پر

70	بقیہ

مذمت کے لئے ایک مذمتی اجلاس منعقد ہوا، اجلاس کی صدارت صدر مجلس

71	بقیہ

آرمی پبلک سکول پر دہشت گردی کا واقعہ نہایت افسوسناک قتل اور دہشت گردوں کی جانب سے بزدلانہ عمل ہے۔ سکول کے معصوم بچوں کو دہشت گردی کا نشانہ بنا کر انہیں شہید کیا جانا ارض عزیز پاکستان کی سلامتی پر سوالیہ نشان بن گیا ہے

72	بقیہ

تقسیم برصغیر کے بعد خودمختار ریاست جموں وکشمیر کے مہاراجہ کی جانب سے ہندوستان کے ساتھ گٹھ جوڑ کرنے کے بعد ہندوستانی افواج نے کشمیر پر حملہ کر کے ریاستی عوام کی مرضی

سہیل کی طرف سے سید نور پریس کلب کے اعزاز میں ظہرانہ کا اہتمام کیا، چوہدری محمد سہیل نے خطاب کرتے ہوئے سید نور پریس کلب کی خدمات کو سراہا

تقسیم برصغیر کے بعد خودمختار ریاست جموں وکشمیر کے مہاراجہ کی جانب سے ہندوستان کے ساتھ گٹھ جوڑ کرنے کے بعد ہندوستانی افواج نے کشمیر پر حملہ کر کے ریاستی عوام کی مرضی ومنشا کے بغیر ہی ریاست جموں وکشمیر پر جبراً قبضہ جما لیا ہندوستان کی جانب سے زبردستی کئے گئے قبضہ کے خلاف کشمیری عوام نے صدائے احتجاج بلند کرتے ہوئے بھارت فورسز کے خلاف علم جہاد بلند کرتے ہوئے میرپور، مظفرآباد سمیت کشمیر کا بڑا رقبہ آزاد کروا لیا

کیلئے تیار ہیں، جموں کشمیر میں امن صرف مذاکرات کے ذریعے ہی قائم کیا جاسکتا ہے، مسئلہ کشمیر کا پرامن حل دونوں ممالک اور خطے کے مفاد میں ہے، پاکستان اور بھارت دوبارہ مذاکرات شروع کریں بان کی مون نے ایک بیان میں کہا کہ جموں وکشمیر میں امن صرف مذاکرات کے ذریعے ہی قائم کیا جاسکتا ہے۔

الیکشن میں مسلم لیگ کا حلقہ امیدوار سامنے آیا، حکومتی چھتری تلے بیٹھ کر لینڈ مافیا نے چھوڑ کر وزیراعظم آزاد کشمیر ہاؤس میں چھپ کر غریب اور مجبور متاثرین منگلا ڈیم کی آواز کو دبا رہے

لاشوں کی سیاست نے ملکی معیشت کو ناقابل تلافی نقصان پہنچایا ہے، پاکستان ہٹ دھرمی اور پرتشدد سیاست کا متحمل نہیں ہو سکتا

73	بقیہ

باثر قبضہ مافیا متحرک ہو چکا ہے، سرکاری سرپرستی میں دن دیہاڑے جائیدادوں کے کاغذات میں ردوبدل کیا جارہا ہے، باثر مافیا کو وزیراعظم کی ہدایت پر بیوروکریسی بھی خاموش

معصوم طلباء پر بربریت کرنے والے مسلمان تو کیا انسان کہلانے کے بھی لائق نہیں ہیں۔ جب کسی قوم کا آنے والا کل محفوظ نہ ہو تو وہ قوم اپنے مستقبل کی کیا امید رکھ سکتی ہے۔ آخری دہشت گرد کے خاتمے تک جدوجہد جاری رہے گی

کردوں کے خلاف سخت کارروائی کا مطالبہ، شہید بچوں کیلئے دعائے مغفرت، تفصیلات کے مطابق پشاور میں APS پر دردناک سفاک دہشتگردوں کے حملے اور 133 بچوں کی شہادت پر APSCA کی کال میرپور میں پرائیویٹ سیکٹر میں تمام تعلیمی اداروں کے طلباء نے احتجاج کیا

مذمت کے لئے ایک مذمتی اجلاس منعقد ہوا، اجلاس کی صدارت صدر مجلس علماء دستاں کونسل علامہ مولانا اسلم خان نقشبندی نے کی۔

آرمی پبلک سکول پر دہشت گردی کا واقعہ نہایت افسوسناک قتل اور دہشت گردوں کی جانب سے بزدلانہ عمل ہے۔ سکول کے معصوم بچوں کو دہشت گردی کا نشانہ بنا کر انہیں شہید کیا جانا ارض عزیز پاکستان کی سلامتی پر سوالیہ نشان بن گیا ہے

سہیل کی طرف سے سید نور پریس کلب کے اعزاز میں ظہرانہ کا اہتمام کیا، چوہدری محمد سہیل نے خطاب کرتے ہوئے سید نور پریس کلب کی

درستگی نام
میرا نام شازی بتول کے بجائے شازیہ بتول درست ہے ریکارڈ میں درستگی کی جائے۔ شازیہ بتول زوجہ سید فرحت عباس ساکن منڈی شریف P/O تحصیل وضلع کوٹلی آزاد کشمیر
